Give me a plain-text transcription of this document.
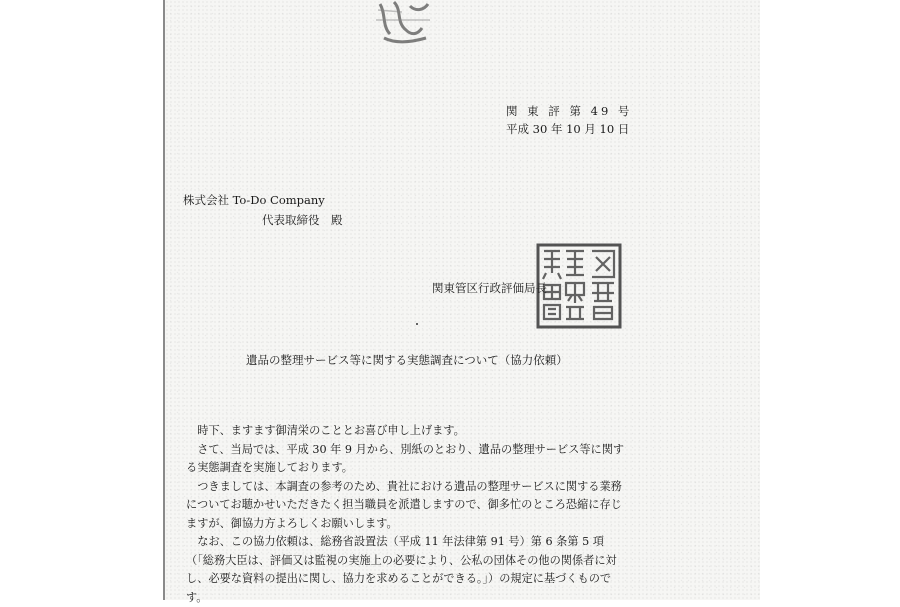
関 東 評 第 49 号
平成 30 年 10 月 10 日
株式会社 To-Do Company
代表取締役　殿
関東管区行政評価局長
遺品の整理サービス等に関する実態調査について（協力依頼）

　時下、ますます御清栄のこととお喜び申し上げます。

　さて、当局では、平成 30 年 9 月から、別紙のとおり、遺品の整理サービス等に関する実態調査を実施しております。

　つきましては、本調査の参考のため、貴社における遺品の整理サービスに関する業務についてお聴かせいただきたく担当職員を派遣しますので、御多忙のところ恐縮に存じますが、御協力方よろしくお願いします。

　なお、この協力依頼は、総務省設置法（平成 11 年法律第 91 号）第 6 条第 5 項（「総務大臣は、評価又は監視の実施上の必要により、公私の団体その他の関係者に対し、必要な資料の提出に関し、協力を求めることができる。」）の規定に基づくものです。
